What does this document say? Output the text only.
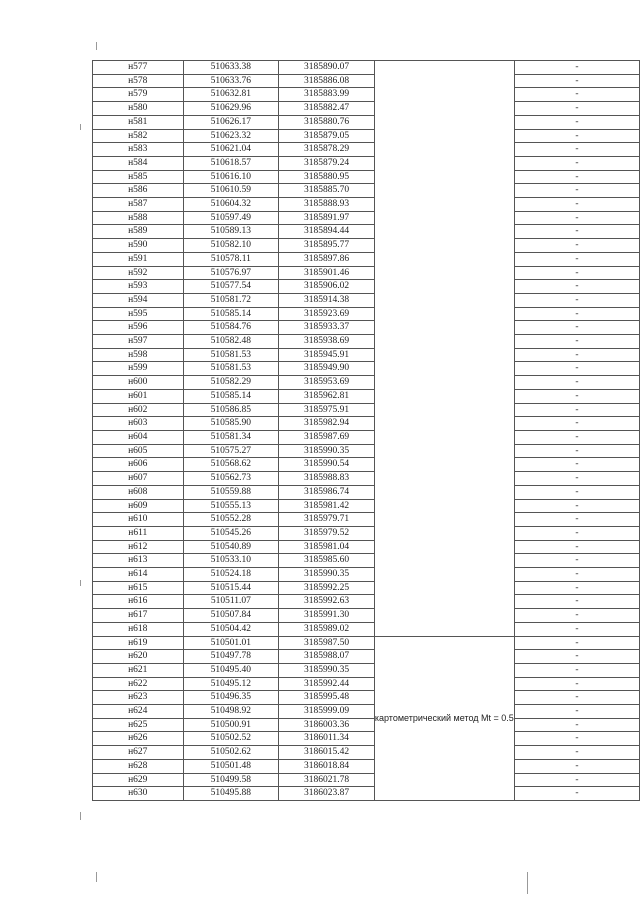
н577	510633.38	3185890.07		-
н578	510633.76	3185886.08		-
н579	510632.81	3185883.99		-
н580	510629.96	3185882.47		-
н581	510626.17	3185880.76		-
н582	510623.32	3185879.05		-
н583	510621.04	3185878.29		-
н584	510618.57	3185879.24		-
н585	510616.10	3185880.95		-
н586	510610.59	3185885.70		-
н587	510604.32	3185888.93		-
н588	510597.49	3185891.97		-
н589	510589.13	3185894.44		-
н590	510582.10	3185895.77		-
н591	510578.11	3185897.86		-
н592	510576.97	3185901.46		-
н593	510577.54	3185906.02		-
н594	510581.72	3185914.38		-
н595	510585.14	3185923.69		-
н596	510584.76	3185933.37		-
н597	510582.48	3185938.69		-
н598	510581.53	3185945.91		-
н599	510581.53	3185949.90		-
н600	510582.29	3185953.69		-
н601	510585.14	3185962.81		-
н602	510586.85	3185975.91		-
н603	510585.90	3185982.94		-
н604	510581.34	3185987.69		-
н605	510575.27	3185990.35		-
н606	510568.62	3185990.54		-
н607	510562.73	3185988.83		-
н608	510559.88	3185986.74		-
н609	510555.13	3185981.42		-
н610	510552.28	3185979.71		-
н611	510545.26	3185979.52		-
н612	510540.89	3185981.04		-
н613	510533.10	3185985.60		-
н614	510524.18	3185990.35		-
н615	510515.44	3185992.25		-
н616	510511.07	3185992.63		-
н617	510507.84	3185991.30		-
н618	510504.42	3185989.02		-
н619	510501.01	3185987.50	картометрический метод Mt = 0.5	-
н620	510497.78	3185988.07		-
н621	510495.40	3185990.35		-
н622	510495.12	3185992.44		-
н623	510496.35	3185995.48		-
н624	510498.92	3185999.09		-
н625	510500.91	3186003.36		-
н626	510502.52	3186011.34		-
н627	510502.62	3186015.42		-
н628	510501.48	3186018.84		-
н629	510499.58	3186021.78		-
н630	510495.88	3186023.87		-
